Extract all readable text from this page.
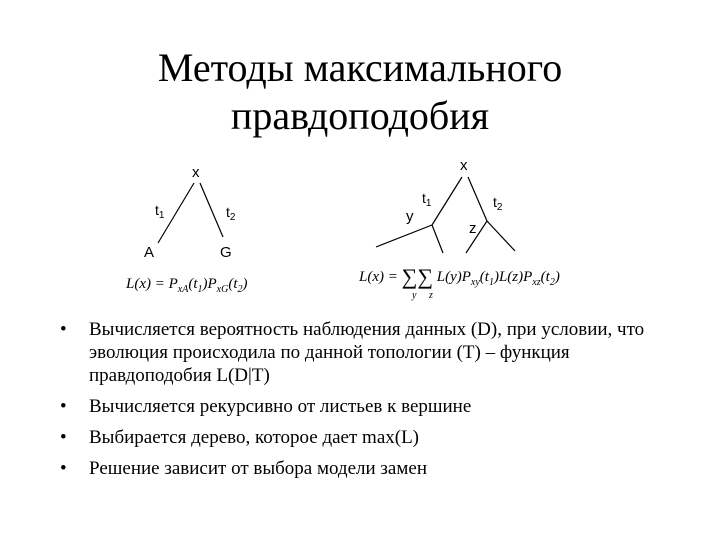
Методы максимального
правдоподобия
x
$t_1$	$t_2$
A	G
$L(x) = P_{xA}(t_1)P_{xG}(t_2)$
x
$t_1$	$t_2$
y
z
L(x) = ∑∑ $L(y)P_{xy}(t_1)L(z)P_{xz}(t_2)$
y z
• Вычисляется вероятность наблюдения данных (D), при условии, что эволюция происходила по данной топологии (T) – функция правдоподобия L(D|T)
• Вычисляется рекурсивно от листьев к вершине
• Выбирается дерево, которое дает max(L)
• Решение зависит от выбора модели замен
